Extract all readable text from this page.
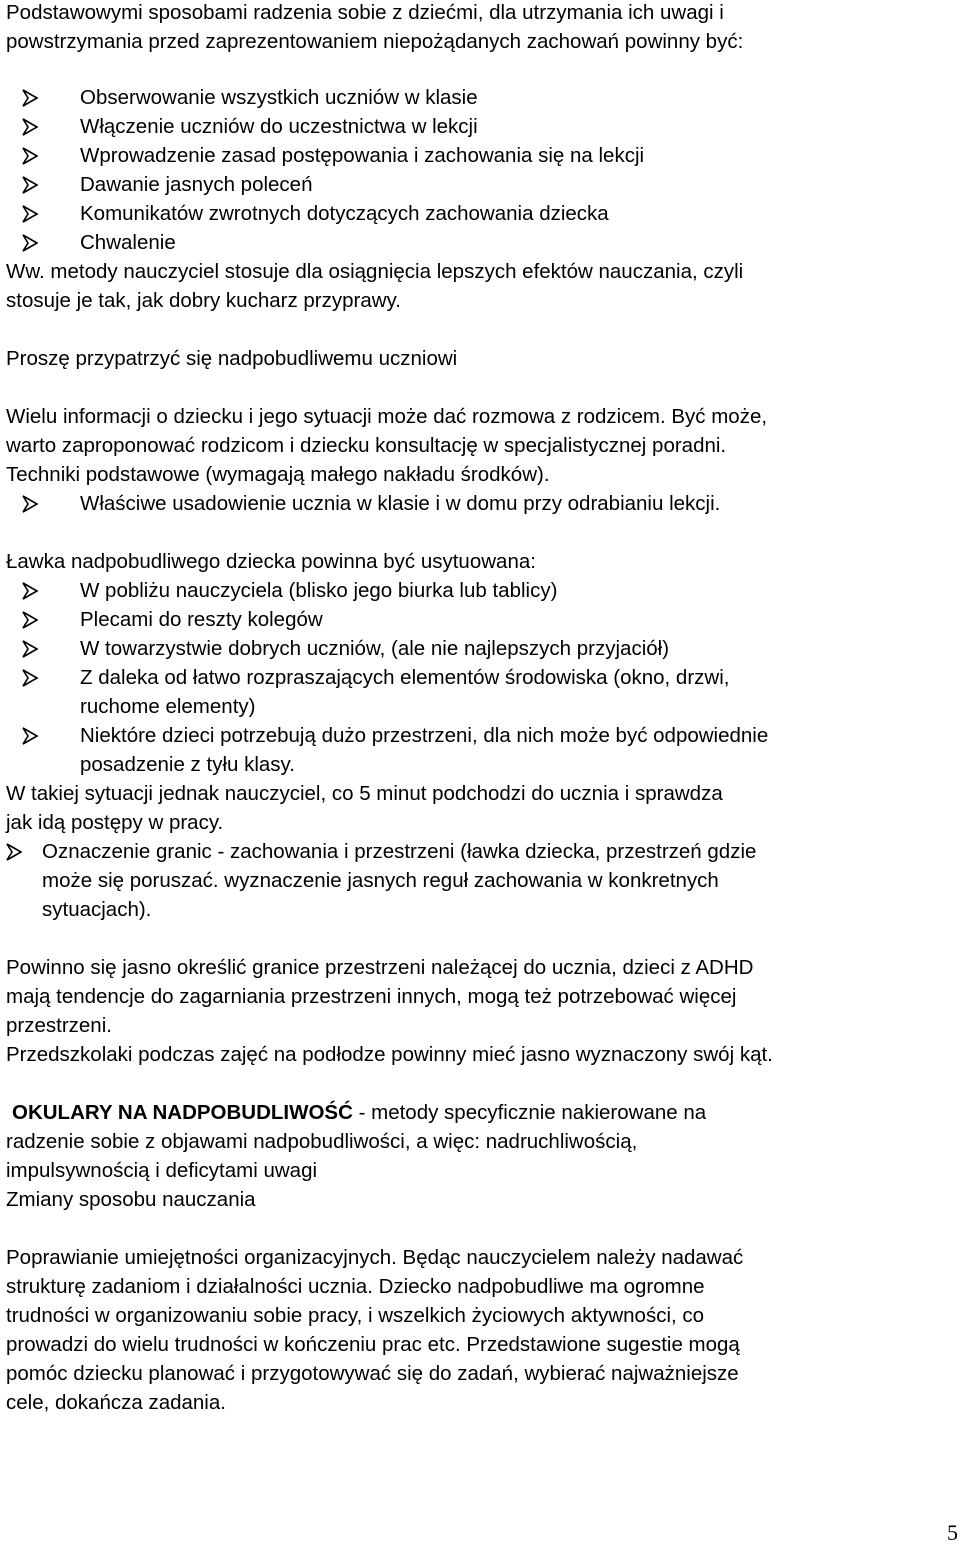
Podstawowymi sposobami radzenia sobie z dziećmi, dla utrzymania ich uwagi i
powstrzymania przed zaprezentowaniem niepożądanych zachowań powinny być:
Obserwowanie wszystkich uczniów w klasie
Włączenie uczniów do uczestnictwa w lekcji
Wprowadzenie zasad postępowania i zachowania się na lekcji
Dawanie jasnych poleceń
Komunikatów zwrotnych dotyczących zachowania dziecka
Chwalenie
Ww. metody nauczyciel stosuje dla osiągnięcia lepszych efektów nauczania, czyli
stosuje je tak, jak dobry kucharz przyprawy.
Proszę przypatrzyć się nadpobudliwemu uczniowi
Wielu informacji o dziecku i jego sytuacji może dać rozmowa z rodzicem. Być może,
warto zaproponować rodzicom i dziecku konsultację w specjalistycznej poradni.
Techniki podstawowe (wymagają małego nakładu środków).
Właściwe usadowienie ucznia w klasie i w domu przy odrabianiu lekcji.
Ławka nadpobudliwego dziecka powinna być usytuowana:
W pobliżu nauczyciela (blisko jego biurka lub tablicy)
Plecami do reszty kolegów
W towarzystwie dobrych uczniów, (ale nie najlepszych przyjaciół)
Z daleka od łatwo rozpraszających elementów środowiska (okno, drzwi,
ruchome elementy)
Niektóre dzieci potrzebują dużo przestrzeni, dla nich może być odpowiednie
posadzenie z tyłu klasy.
W takiej sytuacji jednak nauczyciel, co 5 minut podchodzi do ucznia i sprawdza
jak idą postępy w pracy.
Oznaczenie granic - zachowania i przestrzeni (ławka dziecka, przestrzeń gdzie
może się poruszać. wyznaczenie jasnych reguł zachowania w konkretnych
sytuacjach).
Powinno się jasno określić granice przestrzeni należącej do ucznia, dzieci z ADHD
mają tendencje do zagarniania przestrzeni innych, mogą też potrzebować więcej
przestrzeni.
Przedszkolaki podczas zajęć na podłodze powinny mieć jasno wyznaczony swój kąt.
OKULARY NA NADPOBUDLIWOŚĆ - metody specyficznie nakierowane na
radzenie sobie z objawami nadpobudliwości, a więc: nadruchliwością,
impulsywnością i deficytami uwagi
Zmiany sposobu nauczania
Poprawianie umiejętności organizacyjnych. Będąc nauczycielem należy nadawać
strukturę zadaniom i działalności ucznia. Dziecko nadpobudliwe ma ogromne
trudności w organizowaniu sobie pracy, i wszelkich życiowych aktywności, co
prowadzi do wielu trudności w kończeniu prac etc. Przedstawione sugestie mogą
pomóc dziecku planować i przygotowywać się do zadań, wybierać najważniejsze
cele, dokańcza zadania.
5
